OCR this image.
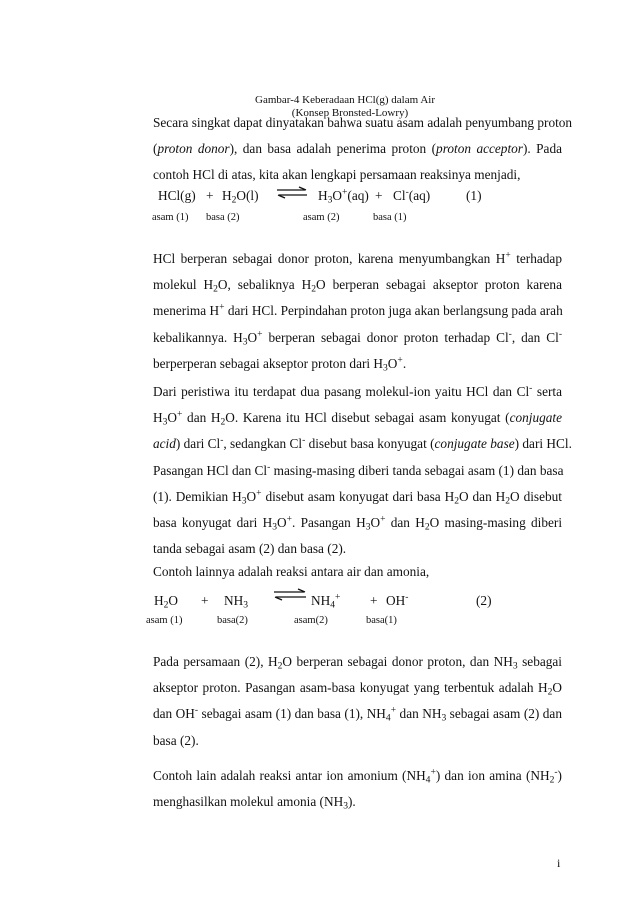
Gambar-4 Keberadaan HCl(g) dalam Air
(Konsep Bronsted-Lowry)
Secara singkat dapat dinyatakan bahwa suatu asam adalah penyumbang proton
(proton donor), dan basa adalah penerima proton (proton acceptor). Pada
contoh HCl di atas, kita akan lengkapi persamaan reaksinya menjadi,
$HCl(g) + H_2O(l)$ ⇌ $H_3O^+(aq) + Cl^-(aq)$	(1)
asam (1) basa (2)	asam (2)	basa (1)
HCl berperan sebagai donor proton, karena menyumbangkan H+ terhadap
molekul $H_2O$, sebaliknya $H_2O$ berperan sebagai akseptor proton karena
menerima H+ dari HCl. Perpindahan proton juga akan berlangsung pada arah
kebalikannya. $H_3O^+$ berperan sebagai donor proton terhadap Cl-, dan Cl-
berperperan sebagai akseptor proton dari $H_3O^+$.
Dari peristiwa itu terdapat dua pasang molekul-ion yaitu HCl dan Cl- serta
$H_3O^+$ dan $H_2O$. Karena itu HCl disebut sebagai asam konyugat (conjugate
acid) dari Cl-, sedangkan Cl- disebut basa konyugat (conjugate base) dari HCl.
Pasangan HCl dan Cl- masing-masing diberi tanda sebagai asam (1) dan basa
(1). Demikian $H_3O^+$ disebut asam konyugat dari basa $H_2O$ dan $H_2O$ disebut
basa konyugat dari $H_3O^+$. Pasangan $H_3O^+$ dan $H_2O$ masing-masing diberi
tanda sebagai asam (2) dan basa (2).
Contoh lainnya adalah reaksi antara air dan amonia,
$H_2O + NH_3$ ⇌ $NH_4^+ + OH^-$	(2)
asam (1)	basa(2)	asam(2)	basa(1)
Pada persamaan (2), $H_2O$ berperan sebagai donor proton, dan $NH_3$ sebagai
akseptor proton. Pasangan asam-basa konyugat yang terbentuk adalah $H_2O$
dan OH- sebagai asam (1) dan basa (1), $NH_4^+$ dan $NH_3$ sebagai asam (2) dan
basa (2).
Contoh lain adalah reaksi antar ion amonium $(NH_4^+)$ dan ion amina $(NH_2^-)$
menghasilkan molekul amonia $(NH_3)$.
i
